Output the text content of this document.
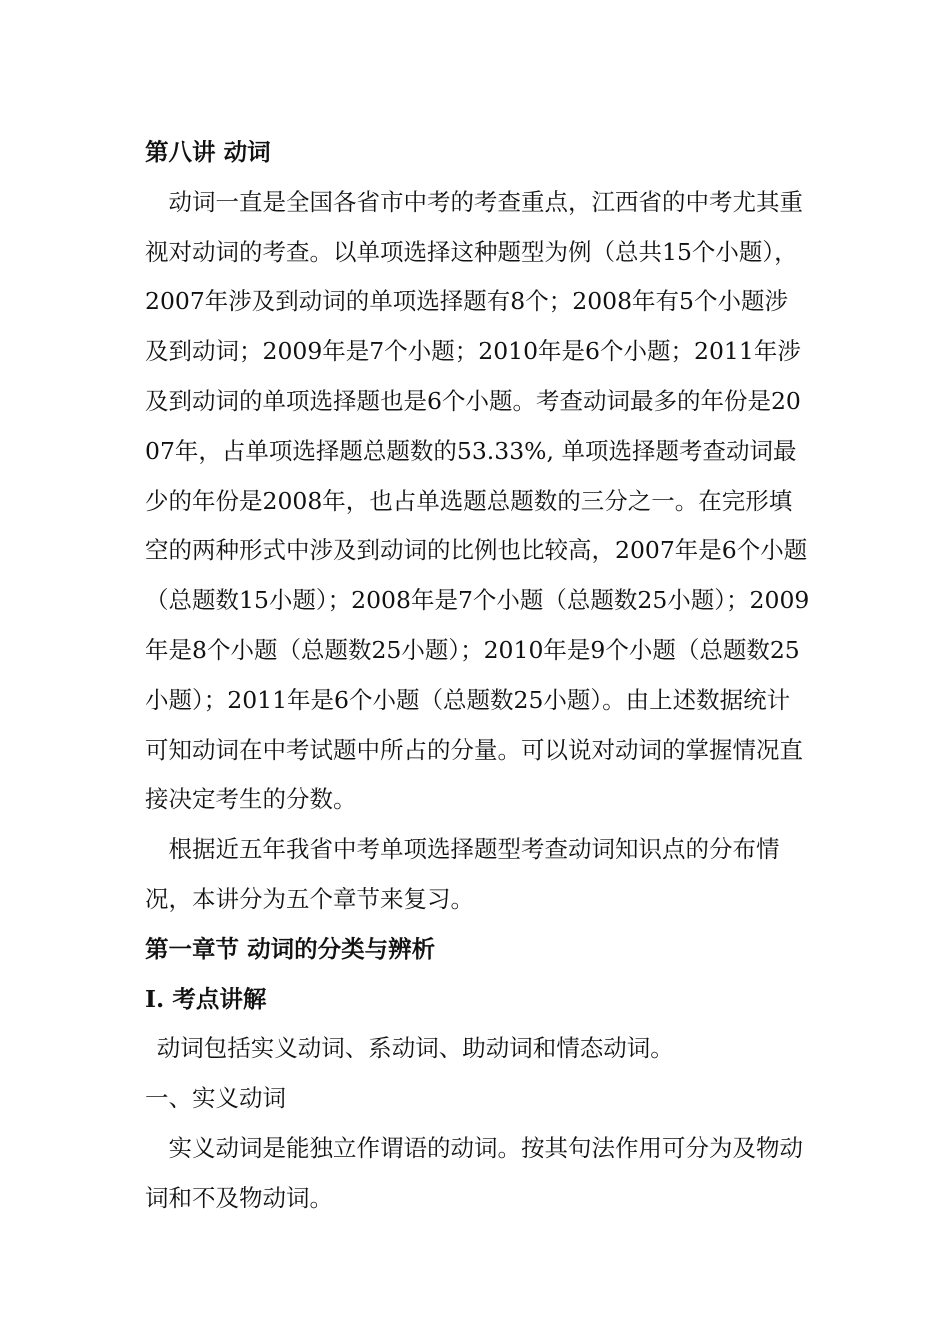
第八讲 动词

动词一直是全国各省市中考的考查重点，江西省的中考尤其重视对动词的考查。以单项选择这种题型为例（总共15个小题），2007年涉及到动词的单项选择题有8个；2008年有5个小题涉及到动词；2009年是7个小题；2010年是6个小题；2011年涉及到动词的单项选择题也是6个小题。考查动词最多的年份是2007年，占单项选择题总题数的53.33%, 单项选择题考查动词最少的年份是2008年，也占单选题总题数的三分之一。在完形填空的两种形式中涉及到动词的比例也比较高，2007年是6个小题（总题数15小题）；2008年是7个小题（总题数25小题）；2009年是8个小题（总题数25小题）；2010年是9个小题（总题数25小题）；2011年是6个小题（总题数25小题）。由上述数据统计可知动词在中考试题中所占的分量。可以说对动词的掌握情况直接决定考生的分数。

根据近五年我省中考单项选择题型考查动词知识点的分布情况，本讲分为五个章节来复习。

第一章节 动词的分类与辨析
I. 考点讲解

动词包括实义动词、系动词、助动词和情态动词。

一、实义动词

实义动词是能独立作谓语的动词。按其句法作用可分为及物动词和不及物动词。
